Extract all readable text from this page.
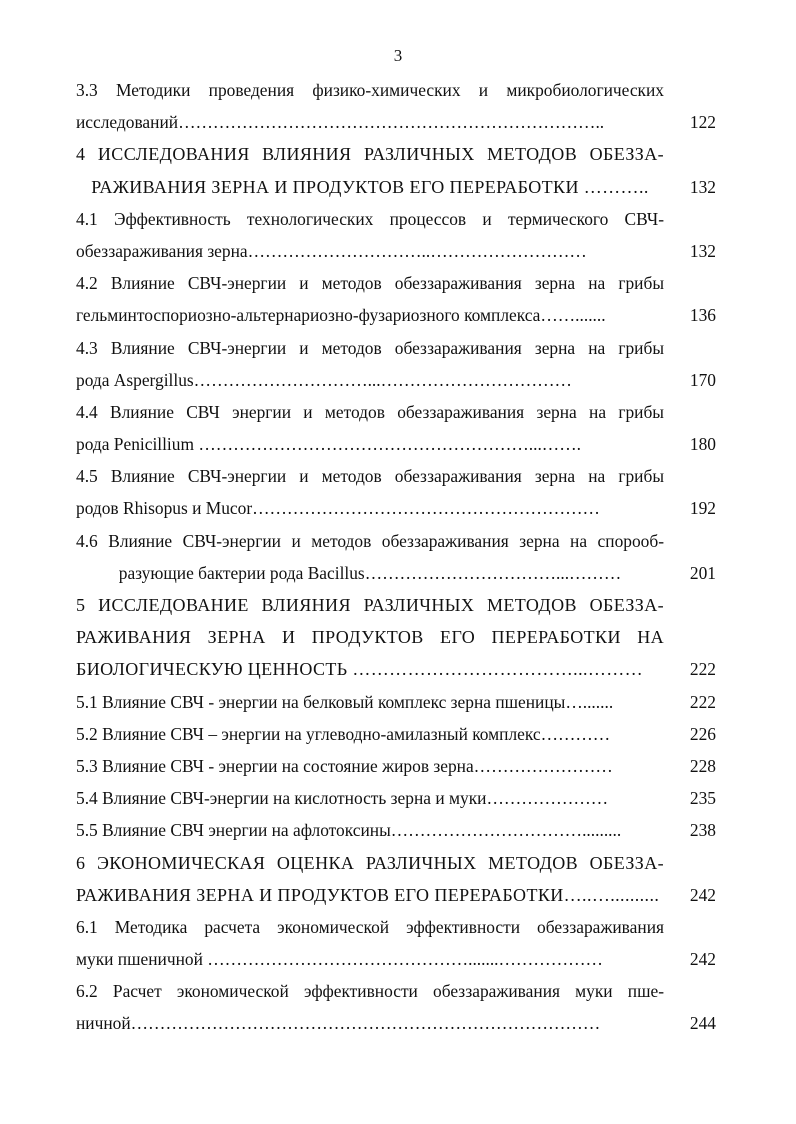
3
3.3 Методики проведения физико-химических и микробиологических
исследований………………………………………………………………..	122
4 ИССЛЕДОВАНИЯ ВЛИЯНИЯ РАЗЛИЧНЫХ МЕТОДОВ ОБЕЗЗА-
РАЖИВАНИЯ ЗЕРНА И ПРОДУКТОВ ЕГО ПЕРЕРАБОТКИ ………..	132
4.1 Эффективность технологических процессов и термического СВЧ-
обеззараживания зерна…………………………..………………………	132
4.2 Влияние СВЧ-энергии и методов обеззараживания зерна на грибы
гельминтоспориозно-альтернариозно-фузариозного комплекса…….......	136
4.3 Влияние СВЧ-энергии и методов обеззараживания зерна на грибы
рода Aspergillus…………………………...……………………………	170
4.4 Влияние СВЧ энергии и методов обеззараживания зерна на грибы
рода Penicillium …………………………………………………...…….	180
4.5 Влияние СВЧ-энергии и методов обеззараживания зерна на грибы
родов Rhisopus и Mucor……………………………………………………	192
4.6 Влияние СВЧ-энергии и методов обеззараживания зерна на спорооб-
разующие бактерии рода Bacillus……………………………...………	201
5 ИССЛЕДОВАНИЕ ВЛИЯНИЯ РАЗЛИЧНЫХ МЕТОДОВ ОБЕЗЗА-
РАЖИВАНИЯ ЗЕРНА И ПРОДУКТОВ ЕГО ПЕРЕРАБОТКИ НА
БИОЛОГИЧЕСКУЮ ЦЕННОСТЬ ………………………………...………	222
5.1 Влияние СВЧ - энергии на белковый комплекс зерна пшеницы….......	222
5.2 Влияние СВЧ – энергии на углеводно-амилазный комплекс…………	226
5.3 Влияние СВЧ - энергии на состояние жиров зерна……………………	228
5.4 Влияние СВЧ-энергии на кислотность зерна и муки…………………	235
5.5 Влияние СВЧ энергии на афлотоксины…………………………….........	238
6 ЭКОНОМИЧЕСКАЯ ОЦЕНКА РАЗЛИЧНЫХ МЕТОДОВ ОБЕЗЗА-
РАЖИВАНИЯ ЗЕРНА И ПРОДУКТОВ ЕГО ПЕРЕРАБОТКИ…..…..........	242
6.1 Методика расчета экономической эффективности обеззараживания
муки пшеничной ……………………………………….......………………	242
6.2 Расчет экономической эффективности обеззараживания муки пше-
ничной………………………………………………………………………	244
